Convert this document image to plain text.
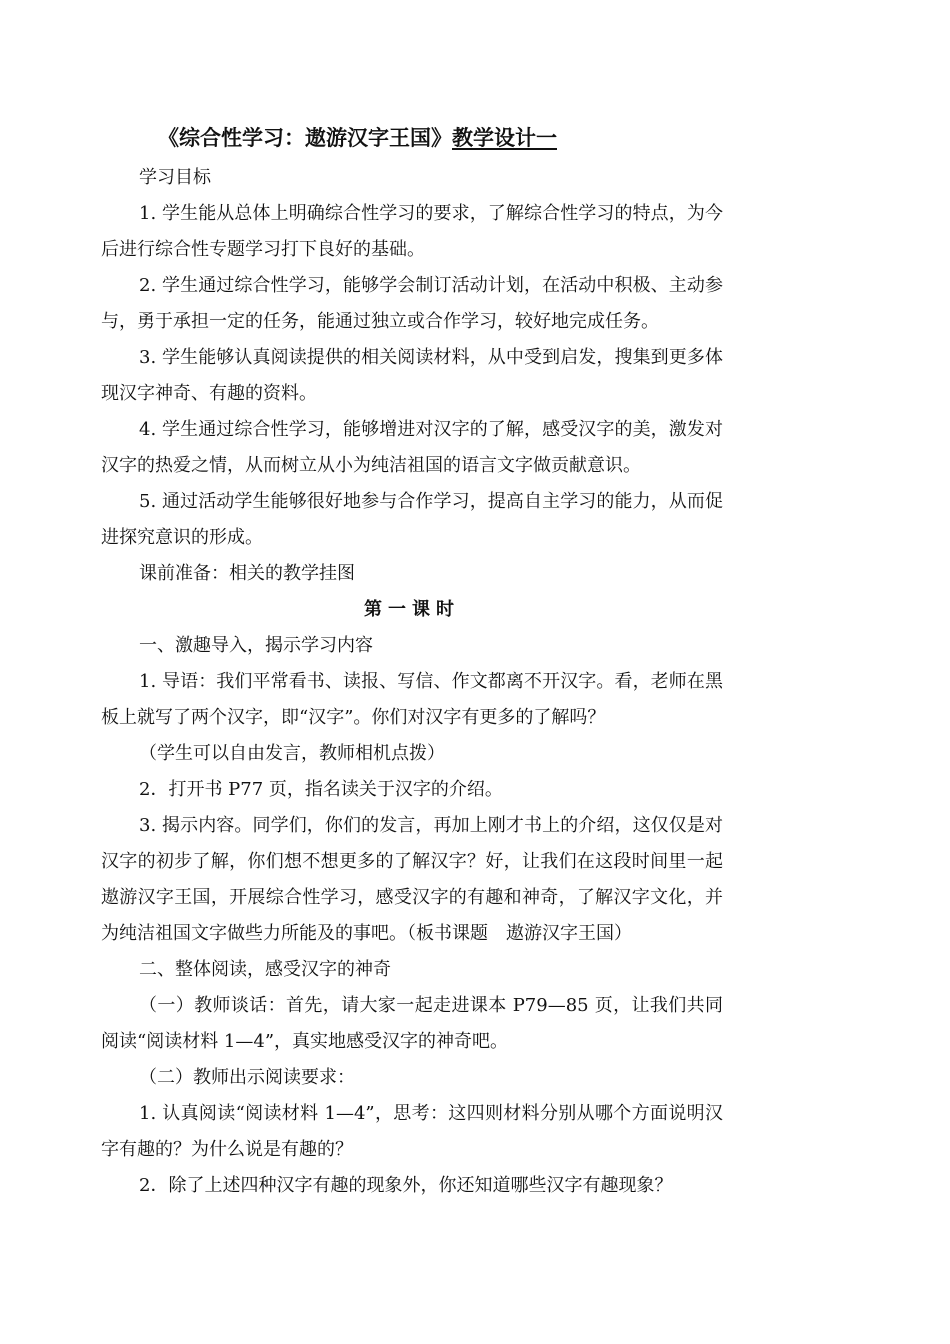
《综合性学习：遨游汉字王国》教学设计一

学习目标

1. 学生能从总体上明确综合性学习的要求，了解综合性学习的特点，为今后进行综合性专题学习打下良好的基础。

2. 学生通过综合性学习，能够学会制订活动计划，在活动中积极、主动参与，勇于承担一定的任务，能通过独立或合作学习，较好地完成任务。

3. 学生能够认真阅读提供的相关阅读材料，从中受到启发，搜集到更多体现汉字神奇、有趣的资料。

4. 学生通过综合性学习，能够增进对汉字的了解，感受汉字的美，激发对汉字的热爱之情，从而树立从小为纯洁祖国的语言文字做贡献意识。

5. 通过活动学生能够很好地参与合作学习，提高自主学习的能力，从而促进探究意识的形成。

课前准备：相关的教学挂图

第一课时

一、激趣导入，揭示学习内容

1. 导语：我们平常看书、读报、写信、作文都离不开汉字。看，老师在黑板上就写了两个汉字，即“汉字”。你们对汉字有更多的了解吗？

（学生可以自由发言，教师相机点拨）

2．打开书 P77 页，指名读关于汉字的介绍。

3. 揭示内容。同学们，你们的发言，再加上刚才书上的介绍，这仅仅是对汉字的初步了解，你们想不想更多的了解汉字？好，让我们在这段时间里一起遨游汉字王国，开展综合性学习，感受汉字的有趣和神奇，了解汉字文化，并为纯洁祖国文字做些力所能及的事吧。（板书课题　遨游汉字王国）

二、整体阅读，感受汉字的神奇

（一）教师谈话：首先，请大家一起走进课本 P79—85 页，让我们共同阅读“阅读材料 1—4”，真实地感受汉字的神奇吧。

（二）教师出示阅读要求：

1. 认真阅读“阅读材料 1—4”，思考：这四则材料分别从哪个方面说明汉字有趣的？为什么说是有趣的？

2．除了上述四种汉字有趣的现象外，你还知道哪些汉字有趣现象？
